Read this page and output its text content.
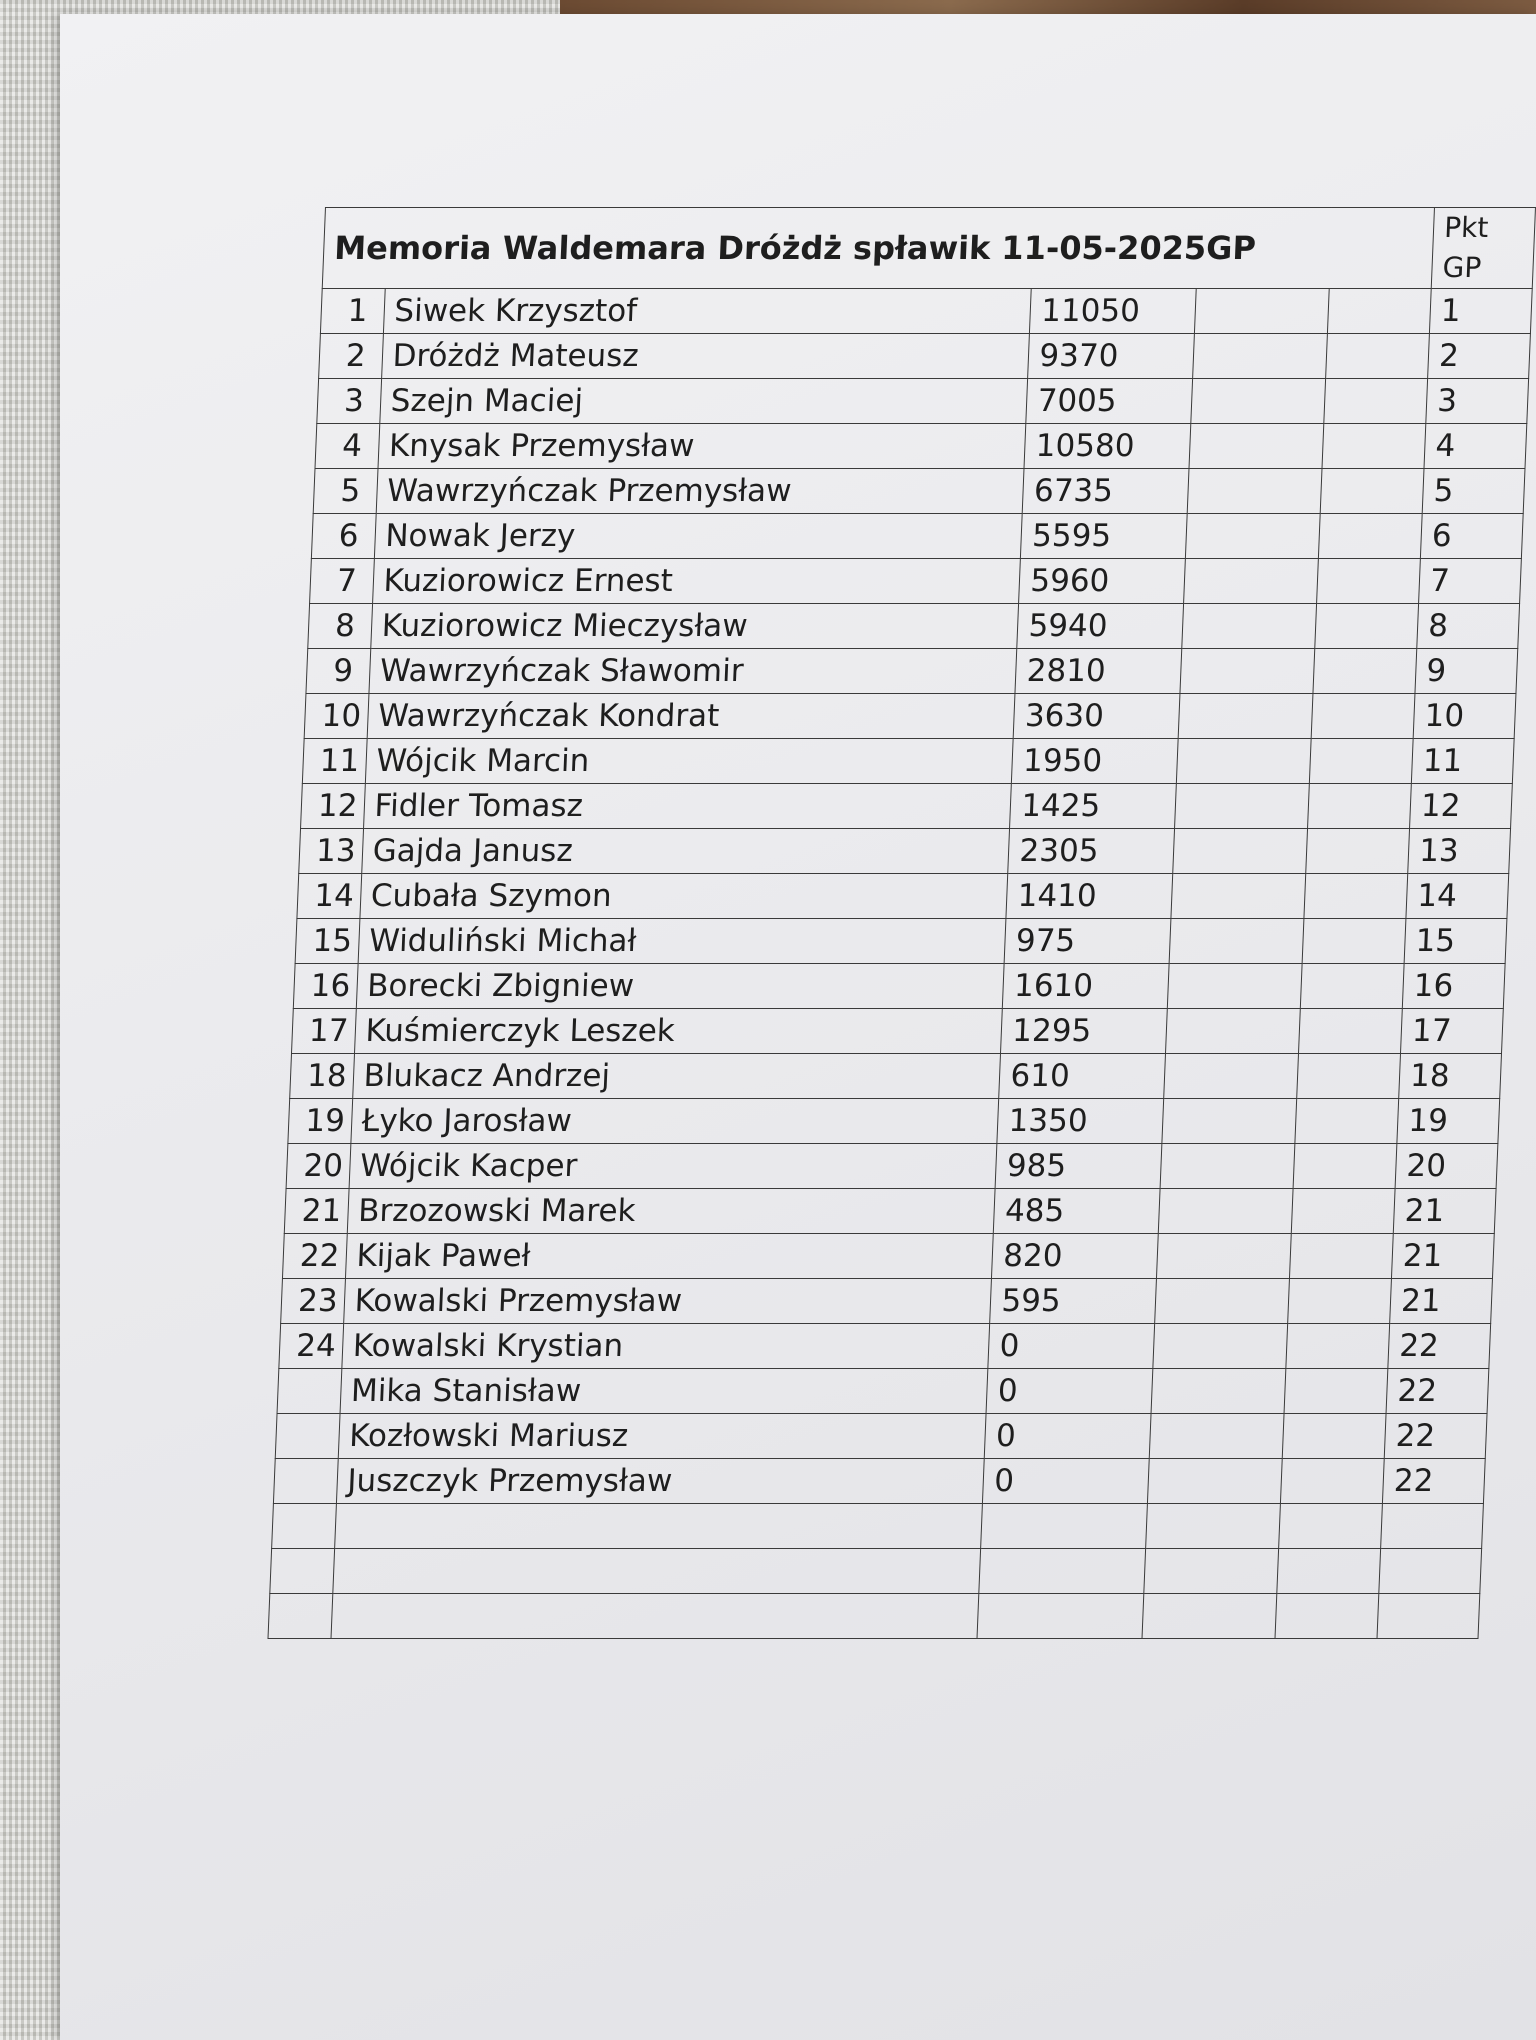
Memoria Waldemara Dróżdż spławik 11-05-2025GP					Pkt
GP
1	Siwek Krzysztof	11050			1
2	Dróżdż Mateusz	9370			2
3	Szejn Maciej	7005			3
4	Knysak Przemysław	10580			4
5	Wawrzyńczak Przemysław	6735			5
6	Nowak Jerzy	5595			6
7	Kuziorowicz Ernest	5960			7
8	Kuziorowicz Mieczysław	5940			8
9	Wawrzyńczak Sławomir	2810			9
10	Wawrzyńczak Kondrat	3630			10
11	Wójcik Marcin	1950			11
12	Fidler Tomasz	1425			12
13	Gajda Janusz	2305			13
14	Cubała Szymon	1410			14
15	Widuliński Michał	975			15
16	Borecki Zbigniew	1610			16
17	Kuśmierczyk Leszek	1295			17
18	Blukacz Andrzej	610			18
19	Łyko Jarosław	1350			19
20	Wójcik Kacper	985			20
21	Brzozowski Marek	485			21
22	Kijak Paweł	820			21
23	Kowalski Przemysław	595			21
24	Kowalski Krystian	0			22
	Mika Stanisław	0			22
	Kozłowski Mariusz	0			22
	Juszczyk Przemysław	0			22
